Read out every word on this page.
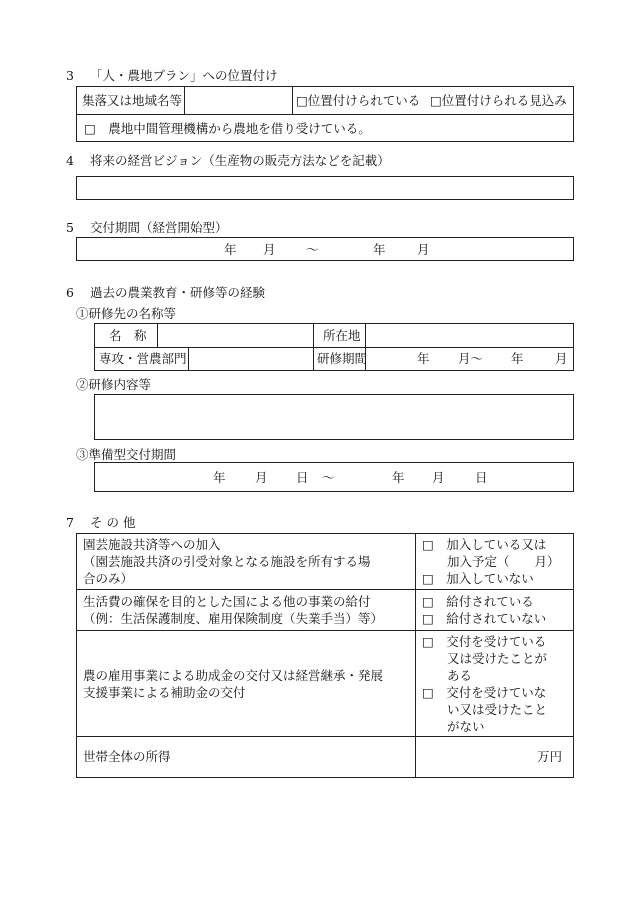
3 「人・農地プラン」への位置付け
集落又は地域名等	□位置付けられている □位置付けられる見込み
□　農地中間管理機構から農地を借り受けている。
4 将来の経営ビジョン（生産物の販売方法などを記載）
5 交付期間（経営開始型）
年 月 ～	年	月
6 過去の農業教育・研修等の経験
①研修先の名称等
名　称	所在地
専攻・営農部門	研修期間	年 月～ 年	月
②研修内容等
③準備型交付期間
年 月 日 ～	年 月 日
7 そ の 他
園芸施設共済等への加入
（園芸施設共済の引受対象となる施設を所有する場
合のみ）
□　加入している又は
　　加入予定（　　月）
□　加入していない
生活費の確保を目的とした国による他の事業の給付
（例：生活保護制度、雇用保険制度（失業手当）等）
□　給付されている
□　給付されていない
農の雇用事業による助成金の交付又は経営継承・発展
支援事業による補助金の交付
□　交付を受けている
　　又は受けたことが
　　ある
□　交付を受けていな
　　い又は受けたこと
　　がない
世帯全体の所得	万円
